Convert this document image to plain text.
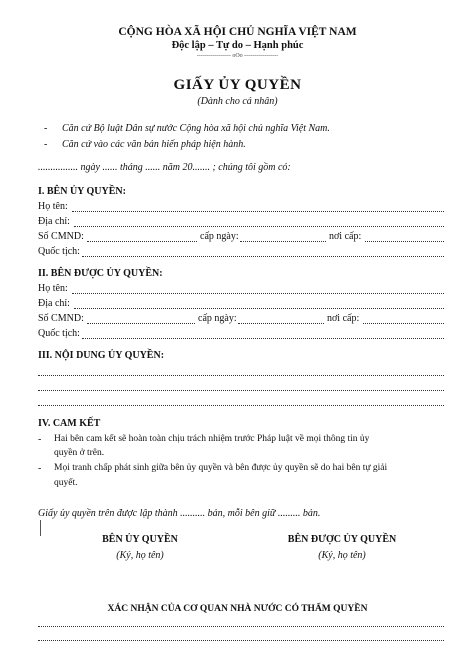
CỘNG HÒA XÃ HỘI CHỦ NGHĨA VIỆT NAM
Độc lập – Tự do – Hạnh phúc
----------------- oOo -----------------
GIẤY ỦY QUYỀN
(Dành cho cá nhân)
- Căn cứ Bộ luật Dân sự nước Cộng hòa xã hội chủ nghĩa Việt Nam.
- Căn cứ vào các văn bản hiến pháp hiện hành.
................ ngày ...... tháng ...... năm 20....... ; chúng tôi gồm có:
I. BÊN ỦY QUYỀN:
Họ tên:
Địa chỉ:
Số CMND:	cấp ngày:	nơi cấp:
Quốc tịch:
II. BÊN ĐƯỢC ỦY QUYỀN:
Họ tên:
Địa chỉ:
Số CMND:	cấp ngày:	nơi cấp:
Quốc tịch:
III. NỘI DUNG ỦY QUYỀN:
IV. CAM KẾT
- Hai bên cam kết sẽ hoàn toàn chịu trách nhiệm trước Pháp luật về mọi thông tin ủy
quyền ở trên.
- Mọi tranh chấp phát sinh giữa bên ủy quyền và bên được ủy quyền sẽ do hai bên tự giải
quyết.
Giấy ủy quyền trên được lập thành .......... bản, mỗi bên giữ ......... bản.
BÊN ỦY QUYỀN
(Ký, họ tên)
BÊN ĐƯỢC ỦY QUYỀN
(Ký, họ tên)
XÁC NHẬN CỦA CƠ QUAN NHÀ NƯỚC CÓ THẨM QUYỀN
